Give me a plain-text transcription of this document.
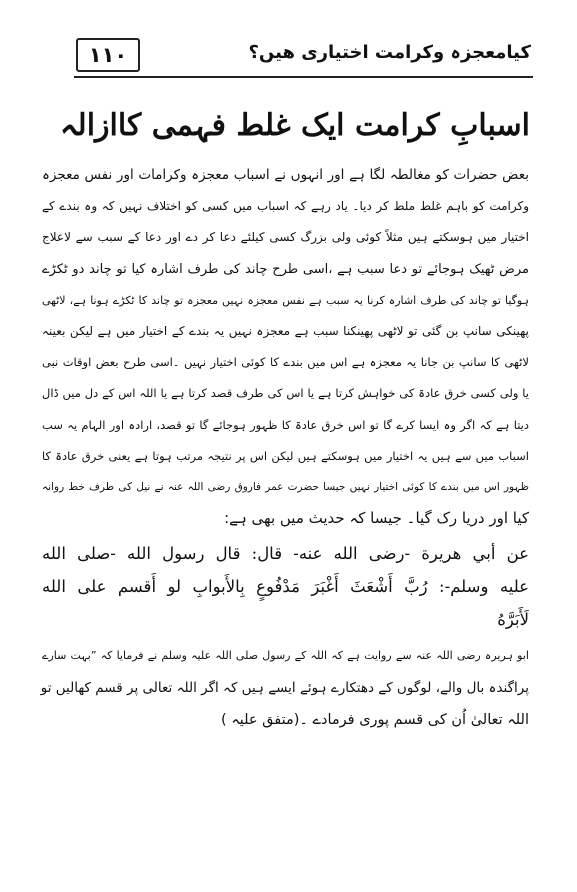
١١٠	کیامعجزہ وکرامت اختیاری ھیں؟
اسبابِ کرامت ایک غلط فہمی کاازالہ
بعض حضرات کو مغالطہ لگا ہے اور انہوں نے اسباب معجزہ وکرامات اور نفس معجزہ
وکرامت کو باہم غلط ملط کر دیا۔ یاد رہے کہ اسباب میں کسی کو اختلاف نہیں کہ وہ بندے کے
اختیار میں ہوسکتے ہیں مثلاً کوئی ولی بزرگ کسی کیلئے دعا کر دے اور دعا کے سبب سے لاعلاج
مرض ٹھیک ہوجائے تو دعا سبب ہے ،اسی طرح چاند کی طرف اشارہ کیا تو چاند دو ٹکڑے
ہوگیا تو چاند کی طرف اشارہ کرنا یہ سبب ہے نفس معجزہ نہیں معجزہ تو چاند کا ٹکڑے ہونا ہے، لاٹھی
پھینکی سانپ بن گئی تو لاٹھی پھینکنا سبب ہے معجزہ نہیں یہ بندے کے اختیار میں ہے لیکن بعینہ
لاٹھی کا سانپ بن جانا یہ معجزہ ہے اس میں بندے کا کوئی اختیار نہیں ۔اسی طرح بعض اوقات نبی
یا ولی کسی خرق عادۃ کی خواہش کرتا ہے یا اس کی طرف قصد کرتا ہے یا اللہ اس کے دل میں ڈال
دیتا ہے کہ اگر وہ ایسا کرے گا تو اس خرق عادۃ کا ظہور ہوجائے گا تو قصد، ارادہ اور الہام یہ سب
اسباب میں سے ہیں یہ اختیار میں ہوسکتے ہیں لیکن اس پر نتیجہ مرتب ہوتا ہے یعنی خرق عادۃ کا
ظہور اس میں بندے کا کوئی اختیار نہیں جیسا حضرت عمر فاروق رضی اللہ عنہ نے نیل کی طرف خط روانہ
کیا اور دریا رک گیا۔ جیسا کہ حدیث میں بھی ہے:
عن أبي هريرة -رضى الله عنه- قال: قال رسول الله -صلى الله
عليه وسلم-: رُبَّ أَشْعَثَ أَغْبَرَ مَدْفُوعٍ بِالأَبوابِ لو أَقسم على الله
لَأَبَرَّهُ
ابو ہریرہ رضی اللہ عنہ سے روایت ہے کہ اللہ کے رسول صلی اللہ علیہ وسلم نے فرمایا کہ ”بہت سارے
پراگندہ بال والے، لوگوں کے دھتکارے ہوئے ایسے ہیں کہ اگر اللہ تعالی پر قسم کھالیں تو
اللہ تعالیٰ اُن کی قسم پوری فرمادے ۔(متفق علیہ )
